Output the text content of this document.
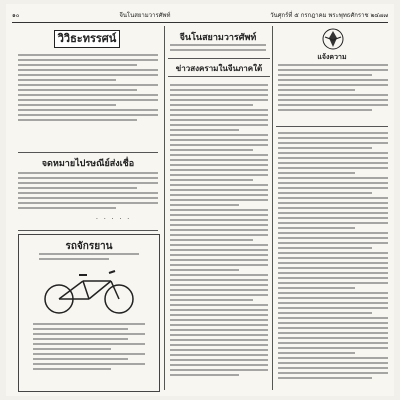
๑๐	จีนโนสยามวารศัพท์	วันศุกร์ที่ ๕ กรกฎาคม พระพุทธศักราช ๒๔๗๗
วิวิธะทรรศน์
จดหมายไปรษณีย์ส่งเชื่อ
· · · · ·
รถจักรยาน
จีนโนสยามวารศัพท์
ข่าวสงครามในจีนภาคใต้
แจ้งความ
